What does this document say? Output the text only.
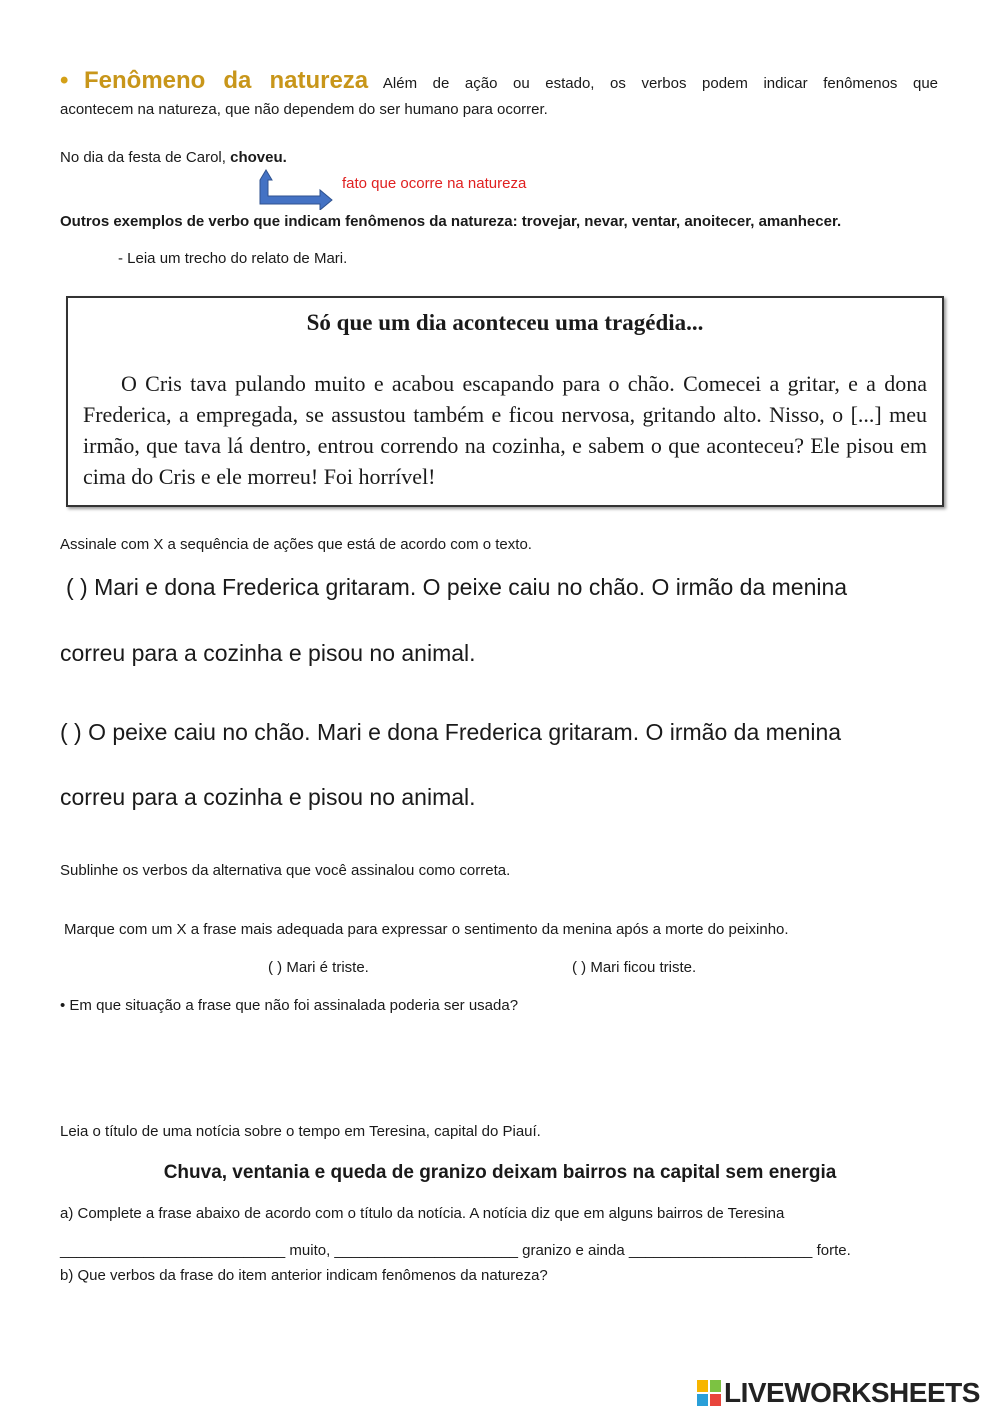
• Fenômeno da natureza Além de ação ou estado, os verbos podem indicar fenômenos que
acontecem na natureza, que não dependem do ser humano para ocorrer.
No dia da festa de Carol, choveu.
fato que ocorre na natureza
Outros exemplos de verbo que indicam fenômenos da natureza: trovejar, nevar, ventar, anoitecer, amanhecer.
- Leia um trecho do relato de Mari.
Só que um dia aconteceu uma tragédia...
O Cris tava pulando muito e acabou escapando para o chão. Comecei a gritar, e a dona Frederica, a empregada, se assustou também e ficou nervosa, gritando alto. Nisso, o [...] meu irmão, que tava lá dentro, entrou correndo na cozinha, e sabem o que aconteceu? Ele pisou em cima do Cris e ele morreu! Foi horrível!
Assinale com X a sequência de ações que está de acordo com o texto.
( ) Mari e dona Frederica gritaram. O peixe caiu no chão. O irmão da menina
correu para a cozinha e pisou no animal.
( ) O peixe caiu no chão. Mari e dona Frederica gritaram. O irmão da menina
correu para a cozinha e pisou no animal.
Sublinhe os verbos da alternativa que você assinalou como correta.
Marque com um X a frase mais adequada para expressar o sentimento da menina após a morte do peixinho.
( ) Mari é triste.	( ) Mari ficou triste.
• Em que situação a frase que não foi assinalada poderia ser usada?
Leia o título de uma notícia sobre o tempo em Teresina, capital do Piauí.
Chuva, ventania e queda de granizo deixam bairros na capital sem energia
a) Complete a frase abaixo de acordo com o título da notícia. A notícia diz que em alguns bairros de Teresina
___________________________ muito, ______________________ granizo e ainda ______________________ forte.
b) Que verbos da frase do item anterior indicam fenômenos da natureza?
LIVEWORKSHEETS
